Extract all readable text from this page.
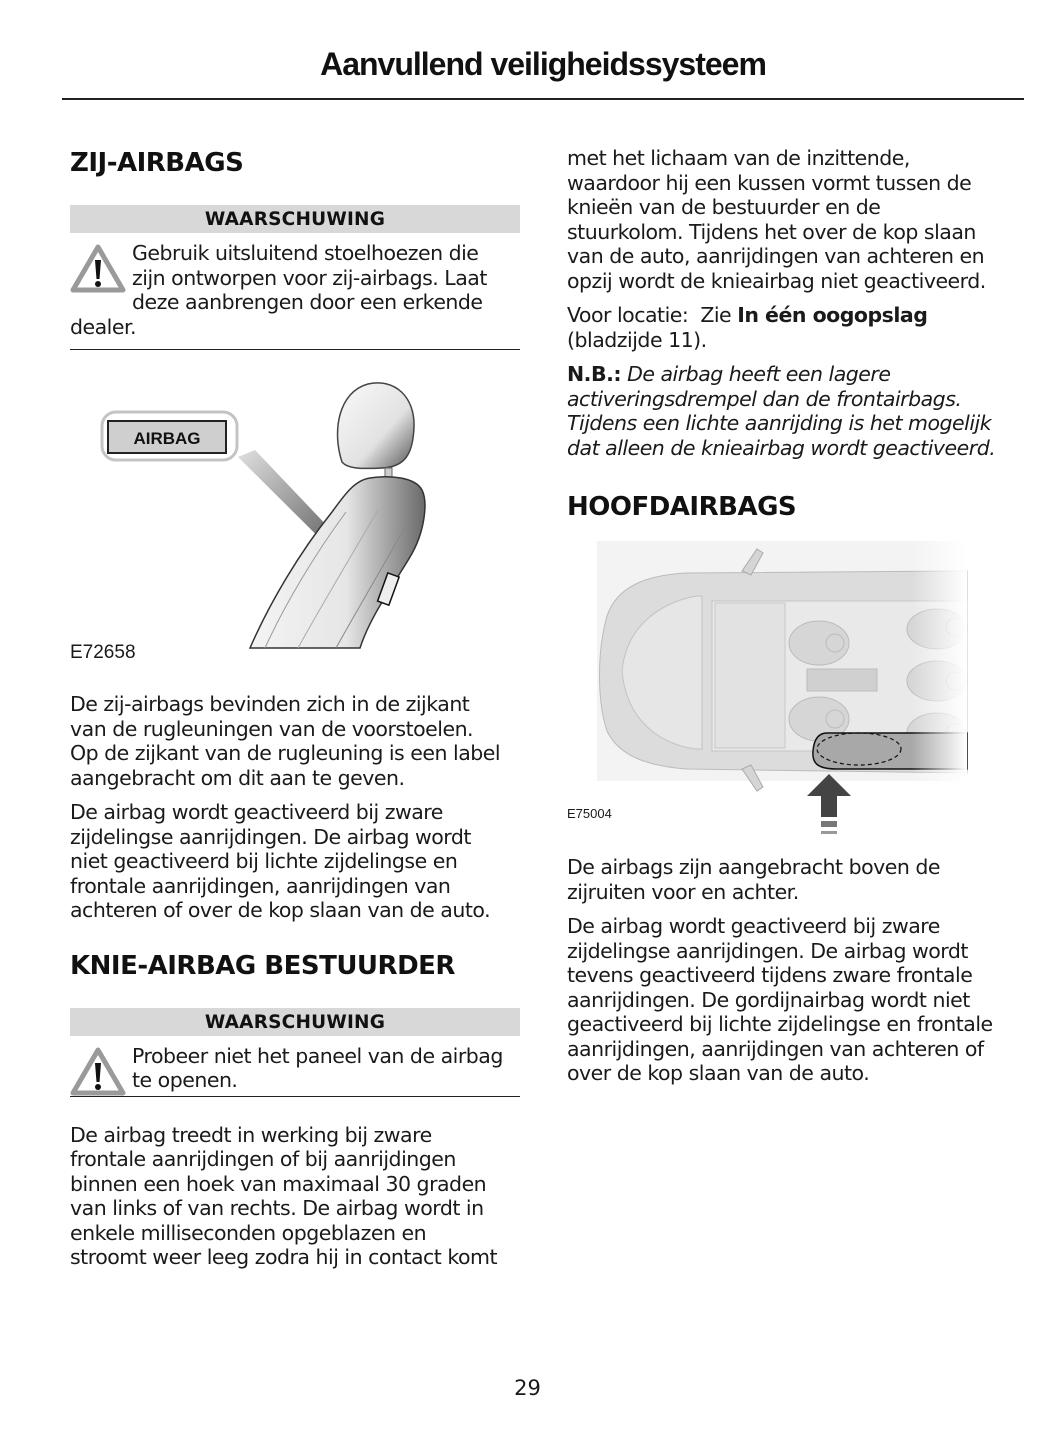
Aanvullend veiligheidssysteem
ZIJ-AIRBAGS
WAARSCHUWING
Gebruik uitsluitend stoelhoezen die
zijn ontworpen voor zij-airbags. Laat
deze aanbrengen door een erkende
dealer.
AIRBAG
E72658
De zij-airbags bevinden zich in de zijkant
van de rugleuningen van de voorstoelen.
Op de zijkant van de rugleuning is een label
aangebracht om dit aan te geven.
De airbag wordt geactiveerd bij zware
zijdelingse aanrijdingen. De airbag wordt
niet geactiveerd bij lichte zijdelingse en
frontale aanrijdingen, aanrijdingen van
achteren of over de kop slaan van de auto.
KNIE-AIRBAG BESTUURDER
WAARSCHUWING
Probeer niet het paneel van de airbag
te openen.
De airbag treedt in werking bij zware
frontale aanrijdingen of bij aanrijdingen
binnen een hoek van maximaal 30 graden
van links of van rechts. De airbag wordt in
enkele milliseconden opgeblazen en
stroomt weer leeg zodra hij in contact komt
met het lichaam van de inzittende,
waardoor hij een kussen vormt tussen de
knieën van de bestuurder en de
stuurkolom. Tijdens het over de kop slaan
van de auto, aanrijdingen van achteren en
opzij wordt de knieairbag niet geactiveerd.
Voor locatie:  Zie In één oogopslag
(bladzijde 11).
N.B.: De airbag heeft een lagere
activeringsdrempel dan de frontairbags.
Tijdens een lichte aanrijding is het mogelijk
dat alleen de knieairbag wordt geactiveerd.
HOOFDAIRBAGS
E75004
De airbags zijn aangebracht boven de
zijruiten voor en achter.
De airbag wordt geactiveerd bij zware
zijdelingse aanrijdingen. De airbag wordt
tevens geactiveerd tijdens zware frontale
aanrijdingen. De gordijnairbag wordt niet
geactiveerd bij lichte zijdelingse en frontale
aanrijdingen, aanrijdingen van achteren of
over de kop slaan van de auto.
29
